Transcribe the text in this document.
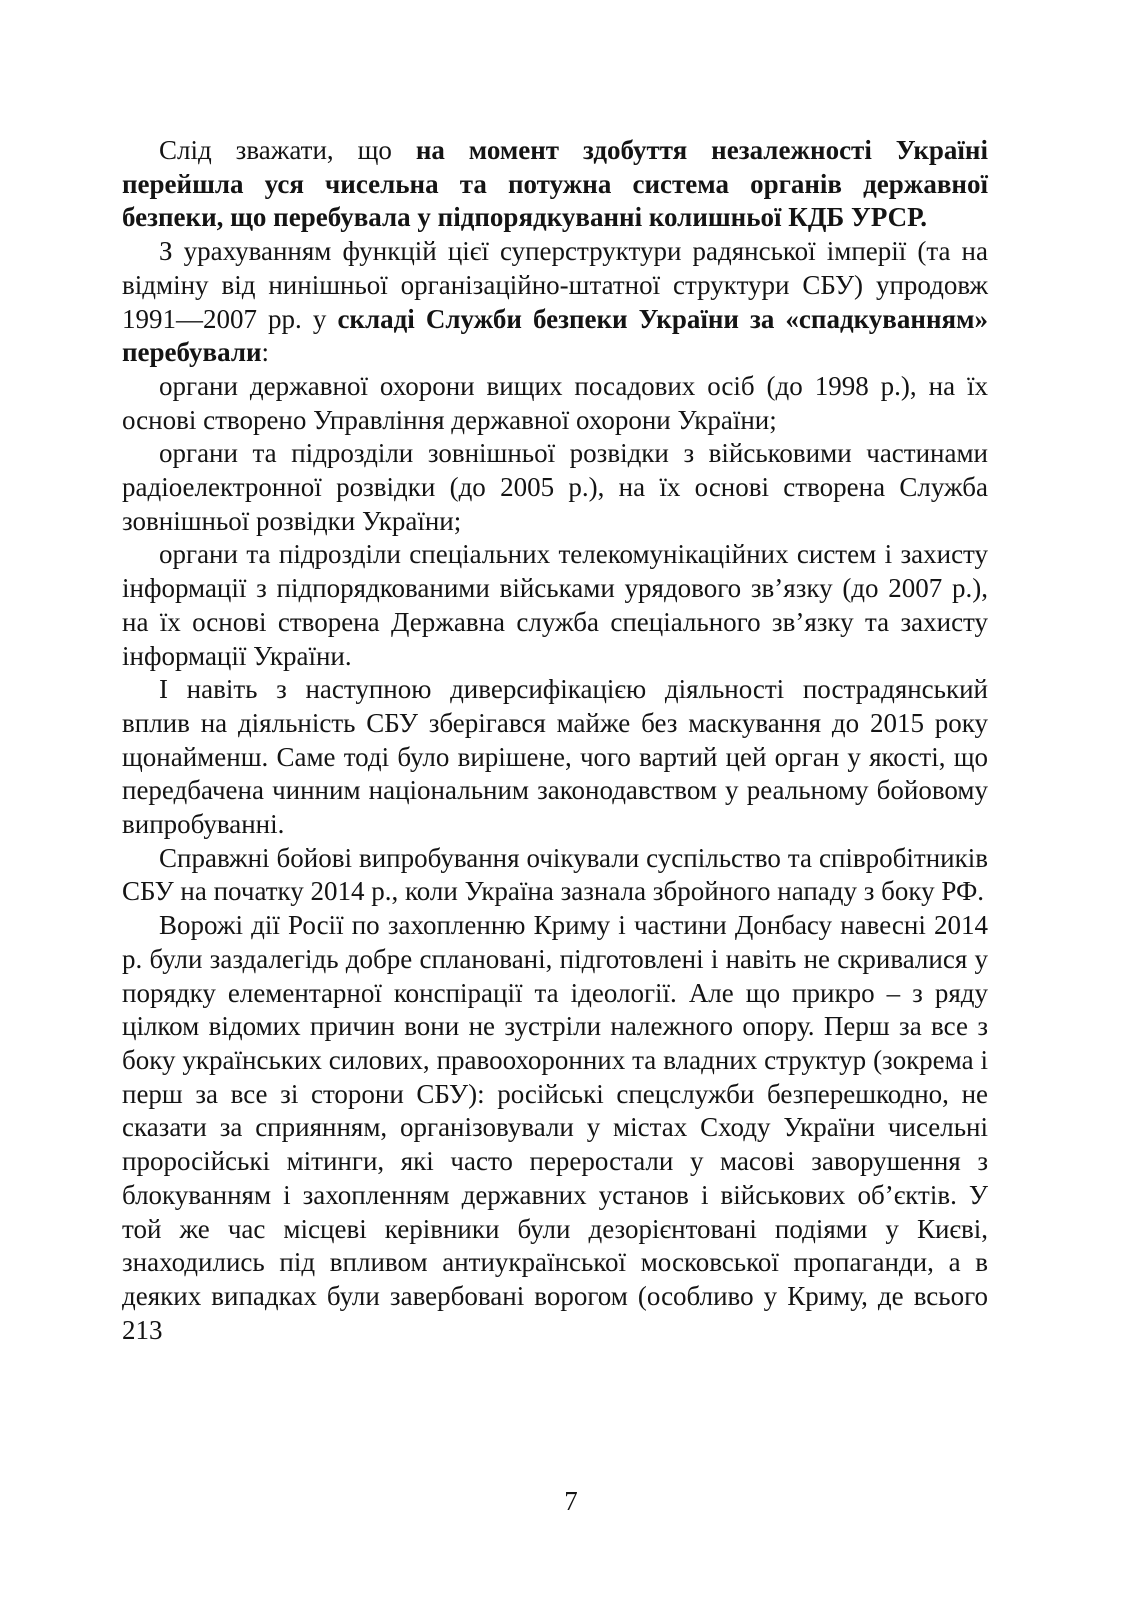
Слід зважати, що на момент здобуття незалежності Україні перейшла уся чисельна та потужна система органів державної безпеки, що перебувала у підпорядкуванні колишньої КДБ УРСР.

З урахуванням функцій цієї суперструктури радянської імперії (та на відміну від нинішньої організаційно-штатної структури СБУ) упродовж 1991—2007 рр. у складі Служби безпеки України за «спадкуванням» перебували:

органи державної охорони вищих посадових осіб (до 1998 р.), на їх основі створено Управління державної охорони України;

органи та підрозділи зовнішньої розвідки з військовими частинами радіоелектронної розвідки (до 2005 р.), на їх основі створена Служба зовнішньої розвідки України;

органи та підрозділи спеціальних телекомунікаційних систем і захисту інформації з підпорядкованими військами урядового зв’язку (до 2007 р.), на їх основі створена Державна служба спеціального зв’язку та захисту інформації України.

І навіть з наступною диверсифікацією діяльності пострадянський вплив на діяльність СБУ зберігався майже без маскування до 2015 року щонайменш. Саме тоді було вирішене, чого вартий цей орган у якості, що передбачена чинним національним законодавством у реальному бойовому випробуванні.

Справжні бойові випробування очікували суспільство та співробітників СБУ на початку 2014 р., коли Україна зазнала збройного нападу з боку РФ.

Ворожі дії Росії по захопленню Криму і частини Донбасу навесні 2014 р. були заздалегідь добре сплановані, підготовлені і навіть не скривалися у порядку елементарної конспірації та ідеології. Але що прикро – з ряду цілком відомих причин вони не зустріли належного опору. Перш за все з боку українських силових, правоохоронних та владних структур (зокрема і перш за все зі сторони СБУ): російські спецслужби безперешкодно, не сказати за сприянням, організовували у містах Сходу України чисельні проросійські мітинги, які часто переростали у масові заворушення з блокуванням і захопленням державних установ і військових об’єктів. У той же час місцеві керівники були дезорієнтовані подіями у Києві, знаходились під впливом антиукраїнської московської пропаганди, а в деяких випадках були завербовані ворогом (особливо у Криму, де всього 213

7
